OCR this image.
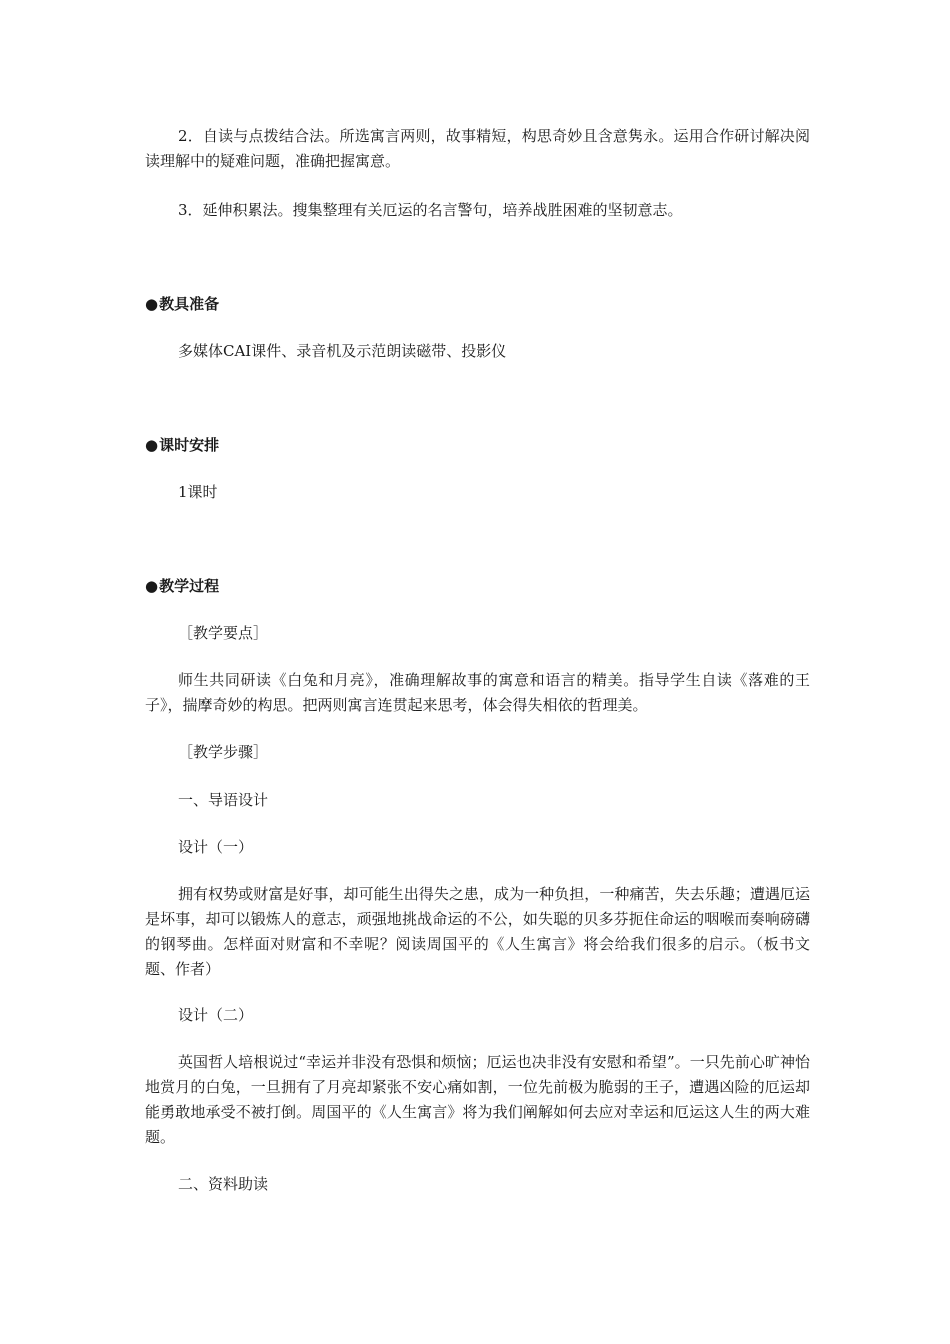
2．自读与点拨结合法。所选寓言两则，故事精短，构思奇妙且含意隽永。运用合作研讨解决阅读理解中的疑难问题，准确把握寓意。

3．延伸积累法。搜集整理有关厄运的名言警句，培养战胜困难的坚韧意志。

●教具准备

多媒体CAI课件、录音机及示范朗读磁带、投影仪

●课时安排

1课时

●教学过程

［教学要点］

师生共同研读《白兔和月亮》，准确理解故事的寓意和语言的精美。指导学生自读《落难的王子》，揣摩奇妙的构思。把两则寓言连贯起来思考，体会得失相依的哲理美。

［教学步骤］

一、导语设计

设计（一）

拥有权势或财富是好事，却可能生出得失之患，成为一种负担，一种痛苦，失去乐趣；遭遇厄运是坏事，却可以锻炼人的意志，顽强地挑战命运的不公，如失聪的贝多芬扼住命运的咽喉而奏响磅礴的钢琴曲。怎样面对财富和不幸呢？阅读周国平的《人生寓言》将会给我们很多的启示。（板书文题、作者）

设计（二）

英国哲人培根说过“幸运并非没有恐惧和烦恼；厄运也决非没有安慰和希望”。一只先前心旷神怡地赏月的白兔，一旦拥有了月亮却紧张不安心痛如割，一位先前极为脆弱的王子，遭遇凶险的厄运却能勇敢地承受不被打倒。周国平的《人生寓言》将为我们阐解如何去应对幸运和厄运这人生的两大难题。

二、资料助读
